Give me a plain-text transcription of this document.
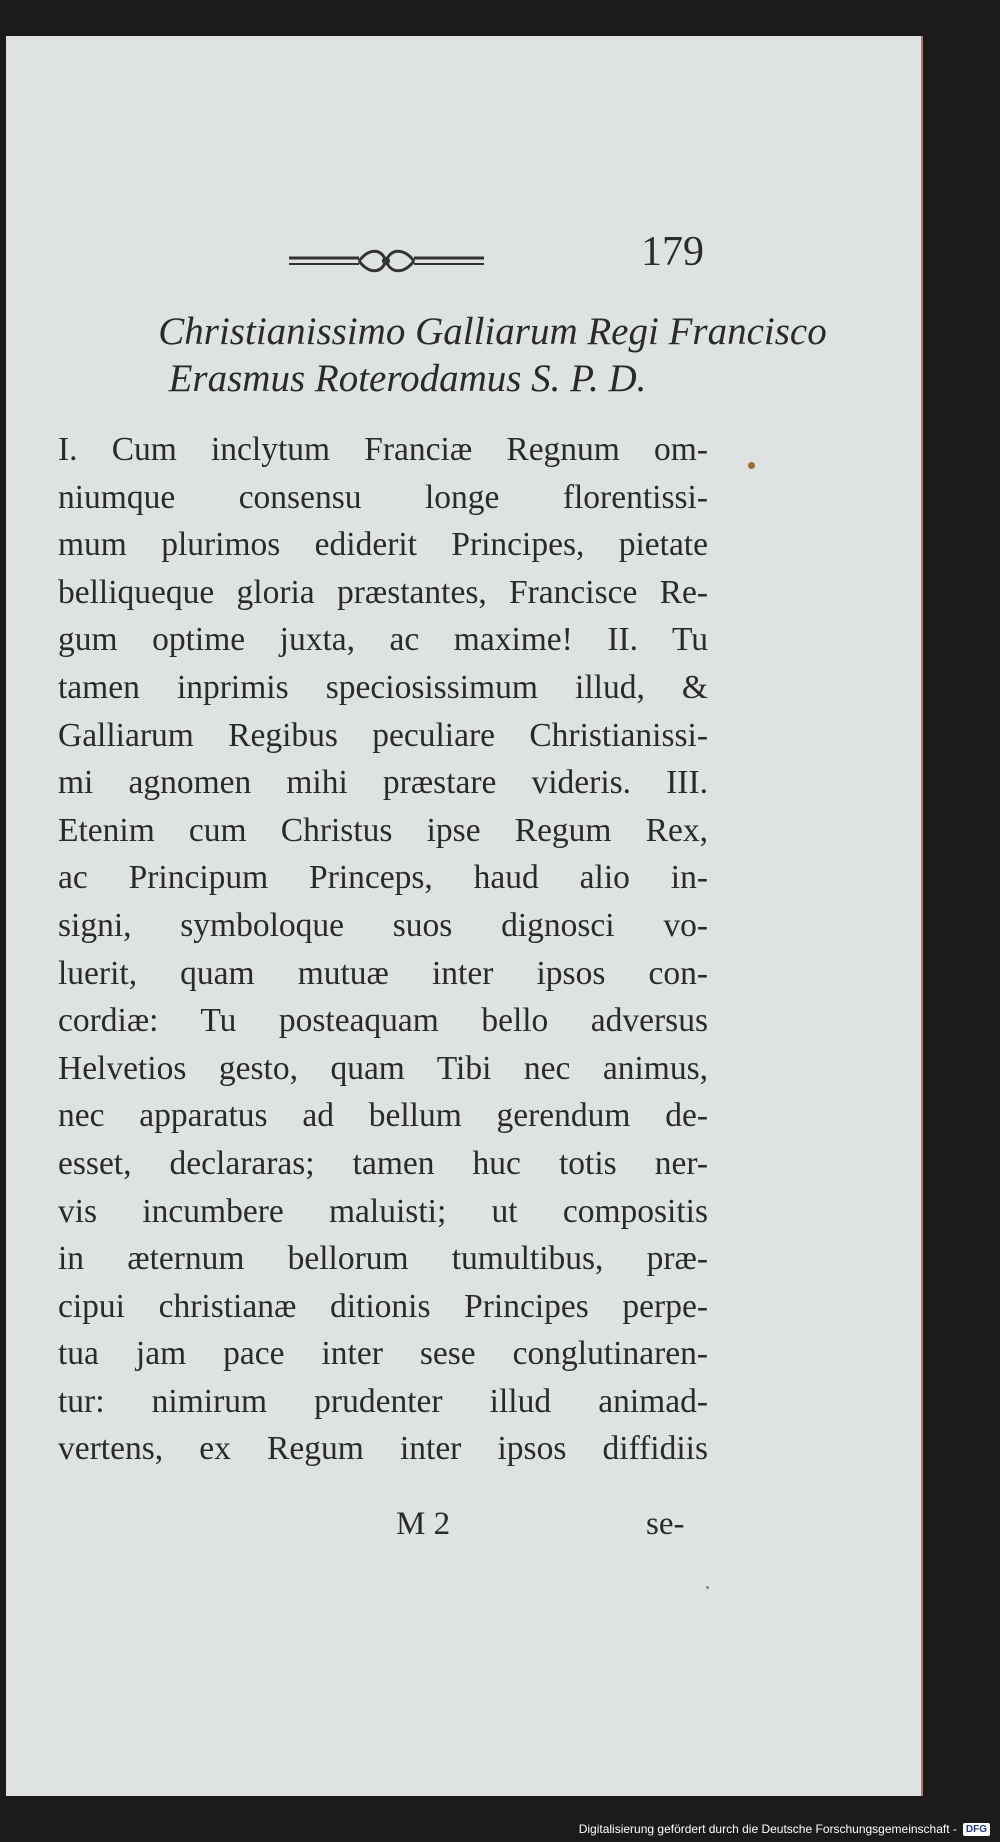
179
Christianissimo Galliarum Regi Francisco
Erasmus Roterodamus S. P. D.
I. Cum inclytum Franciæ Regnum om-
niumque consensu longe florentissi-
mum plurimos ediderit Principes, pietate
belliqueque gloria præstantes, Francisce Re-
gum optime juxta, ac maxime! II. Tu
tamen inprimis speciosissimum illud, &
Galliarum Regibus peculiare Christianissi-
mi agnomen mihi præstare videris. III.
Etenim cum Christus ipse Regum Rex,
ac Principum Princeps, haud alio in-
signi, symboloque suos dignosci vo-
luerit, quam mutuæ inter ipsos con-
cordiæ: Tu posteaquam bello adversus
Helvetios gesto, quam Tibi nec animus,
nec apparatus ad bellum gerendum de-
esset, declararas; tamen huc totis ner-
vis incumbere maluisti; ut compositis
in æternum bellorum tumultibus, præ-
cipui christianæ ditionis Principes perpe-
tua jam pace inter sese conglutinaren-
tur: nimirum prudenter illud animad-
vertens, ex Regum inter ipsos diffidiis
M 2	se-
Digitalisierung gefördert durch die Deutsche Forschungsgemeinschaft - DFG
